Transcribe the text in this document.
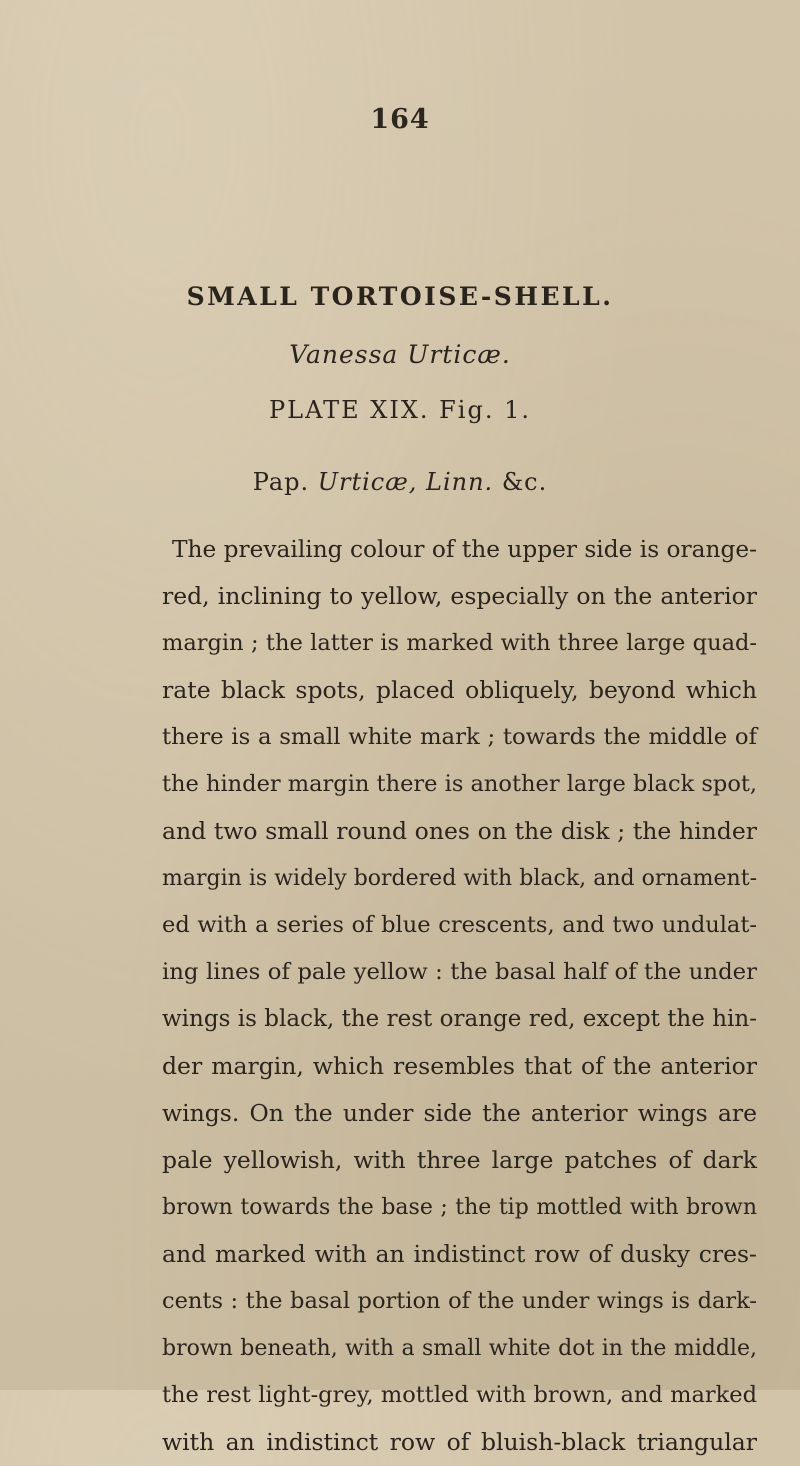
164
SMALL TORTOISE-SHELL.
Vanessa Urticæ.
PLATE XIX. Fig. 1.
Pap. Urticæ, Linn. &c.
The prevailing colour of the upper side is orange-
red, inclining to yellow, especially on the anterior
margin ; the latter is marked with three large quad-
rate black spots, placed obliquely, beyond which
there is a small white mark ; towards the middle of
the hinder margin there is another large black spot,
and two small round ones on the disk ; the hinder
margin is widely bordered with black, and ornament-
ed with a series of blue crescents, and two undulat-
ing lines of pale yellow : the basal half of the under
wings is black, the rest orange red, except the hin-
der margin, which resembles that of the anterior
wings. On the under side the anterior wings are
pale yellowish, with three large patches of dark
brown towards the base ; the tip mottled with brown
and marked with an indistinct row of dusky cres-
cents : the basal portion of the under wings is dark-
brown beneath, with a small white dot in the middle,
the rest light-grey, mottled with brown, and marked
with an indistinct row of bluish-black triangular
